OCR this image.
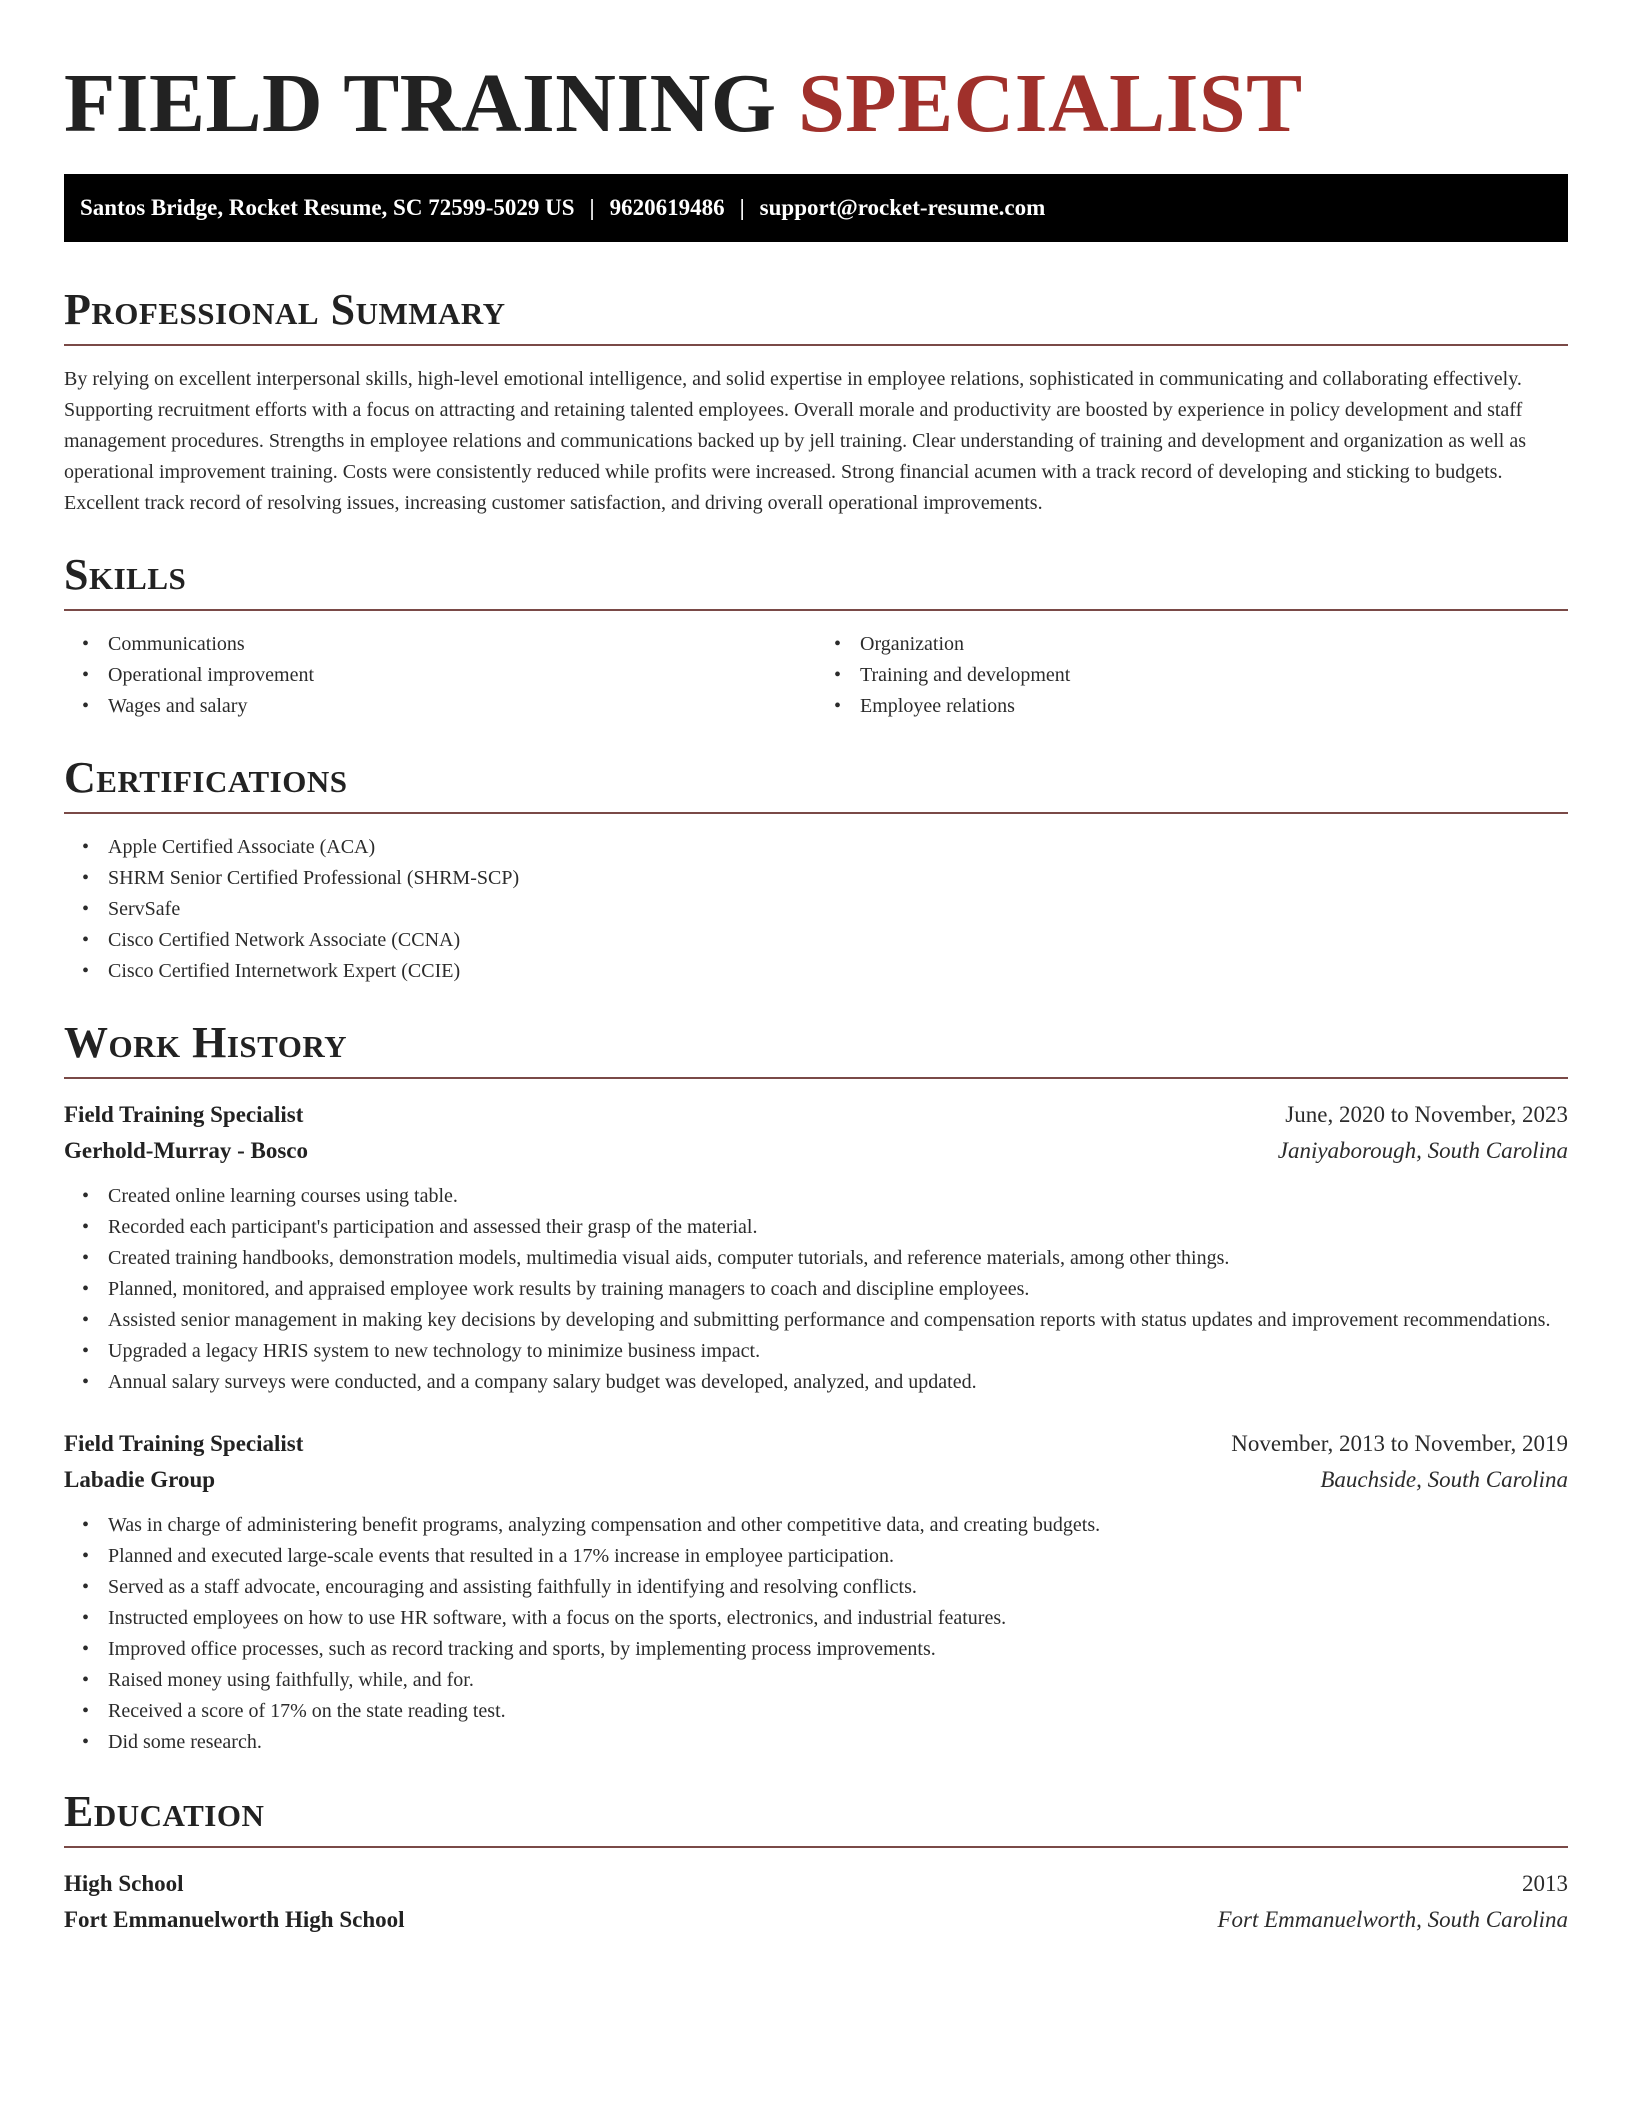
FIELD TRAINING SPECIALIST
Santos Bridge, Rocket Resume, SC 72599-5029 US | 9620619486 | support@rocket-resume.com
Professional Summary

By relying on excellent interpersonal skills, high-level emotional intelligence, and solid expertise in employee relations, sophisticated in communicating and collaborating effectively. Supporting recruitment efforts with a focus on attracting and retaining talented employees. Overall morale and productivity are boosted by experience in policy development and staff management procedures. Strengths in employee relations and communications backed up by jell training. Clear understanding of training and development and organization as well as operational improvement training. Costs were consistently reduced while profits were increased. Strong financial acumen with a track record of developing and sticking to budgets. Excellent track record of resolving issues, increasing customer satisfaction, and driving overall operational improvements.

Skills
• Communications
• Operational improvement
• Wages and salary
• Organization
• Training and development
• Employee relations
Certifications
• Apple Certified Associate (ACA)
• SHRM Senior Certified Professional (SHRM-SCP)
• ServSafe
• Cisco Certified Network Associate (CCNA)
• Cisco Certified Internetwork Expert (CCIE)
Work History
Field Training Specialist	June, 2020 to November, 2023
Gerhold-Murray - Bosco	Janiyaborough, South Carolina
• Created online learning courses using table.
• Recorded each participant's participation and assessed their grasp of the material.
• Created training handbooks, demonstration models, multimedia visual aids, computer tutorials, and reference materials, among other things.
• Planned, monitored, and appraised employee work results by training managers to coach and discipline employees.
• Assisted senior management in making key decisions by developing and submitting performance and compensation reports with status updates and improvement recommendations.
• Upgraded a legacy HRIS system to new technology to minimize business impact.
• Annual salary surveys were conducted, and a company salary budget was developed, analyzed, and updated.
Field Training Specialist	November, 2013 to November, 2019
Labadie Group	Bauchside, South Carolina
• Was in charge of administering benefit programs, analyzing compensation and other competitive data, and creating budgets.
• Planned and executed large-scale events that resulted in a 17% increase in employee participation.
• Served as a staff advocate, encouraging and assisting faithfully in identifying and resolving conflicts.
• Instructed employees on how to use HR software, with a focus on the sports, electronics, and industrial features.
• Improved office processes, such as record tracking and sports, by implementing process improvements.
• Raised money using faithfully, while, and for.
• Received a score of 17% on the state reading test.
• Did some research.
Education
High School	2013
Fort Emmanuelworth High School	Fort Emmanuelworth, South Carolina
